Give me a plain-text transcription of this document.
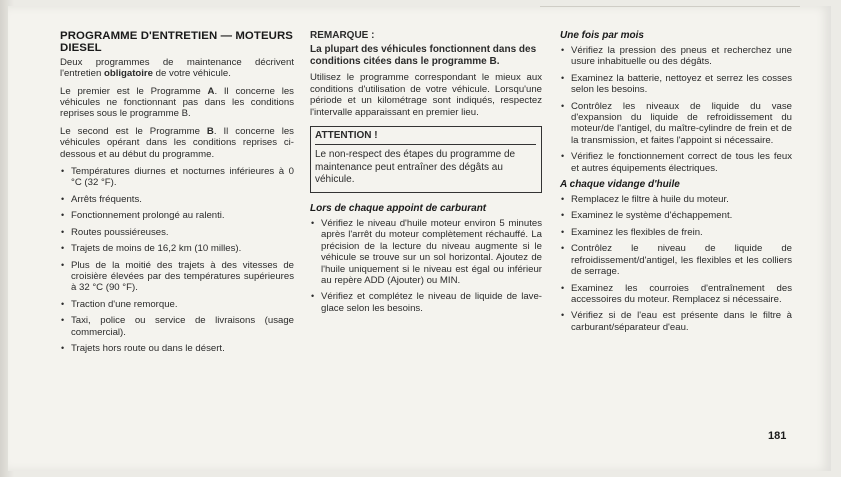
PROGRAMME D'ENTRETIEN — MOTEURS DIESEL

Deux programmes de maintenance décrivent l'entretien obligatoire de votre véhicule.

Le premier est le Programme A. Il concerne les véhicules ne fonctionnant pas dans les conditions reprises sous le programme B.

Le second est le Programme B. Il concerne les véhicules opérant dans les conditions reprises ci-dessous et au début du programme.

• Températures diurnes et nocturnes inférieures à 0 °C (32 °F).
• Arrêts fréquents.
• Fonctionnement prolongé au ralenti.
• Routes poussiéreuses.
• Trajets de moins de 16,2 km (10 milles).
• Plus de la moitié des trajets à des vitesses de croisière élevées par des températures supérieures à 32 °C (90 °F).
• Traction d'une remorque.
• Taxi, police ou service de livraisons (usage commercial).
• Trajets hors route ou dans le désert.
REMARQUE :
La plupart des véhicules fonctionnent dans des conditions citées dans le programme B.

Utilisez le programme correspondant le mieux aux conditions d'utilisation de votre véhicule. Lorsqu'une période et un kilométrage sont indiqués, respectez l'intervalle apparaissant en premier lieu.

ATTENTION !
Le non-respect des étapes du programme de maintenance peut entraîner des dégâts au véhicule.
Lors de chaque appoint de carburant
• Vérifiez le niveau d'huile moteur environ 5 minutes après l'arrêt du moteur complètement réchauffé. La précision de la lecture du niveau augmente si le véhicule se trouve sur un sol horizontal. Ajoutez de l'huile uniquement si le niveau est égal ou inférieur au repère ADD (Ajouter) ou MIN.
• Vérifiez et complétez le niveau de liquide de lave-glace selon les besoins.
Une fois par mois
• Vérifiez la pression des pneus et recherchez une usure inhabituelle ou des dégâts.
• Examinez la batterie, nettoyez et serrez les cosses selon les besoins.
• Contrôlez les niveaux de liquide du vase d'expansion du liquide de refroidissement du moteur/de l'antigel, du maître-cylindre de frein et de la transmission, et faites l'appoint si nécessaire.
• Vérifiez le fonctionnement correct de tous les feux et autres équipements électriques.
A chaque vidange d'huile
• Remplacez le filtre à huile du moteur.
• Examinez le système d'échappement.
• Examinez les flexibles de frein.
• Contrôlez le niveau de liquide de refroidissement/d'antigel, les flexibles et les colliers de serrage.
• Examinez les courroies d'entraînement des accessoires du moteur. Remplacez si nécessaire.
• Vérifiez si de l'eau est présente dans le filtre à carburant/séparateur d'eau.
181
